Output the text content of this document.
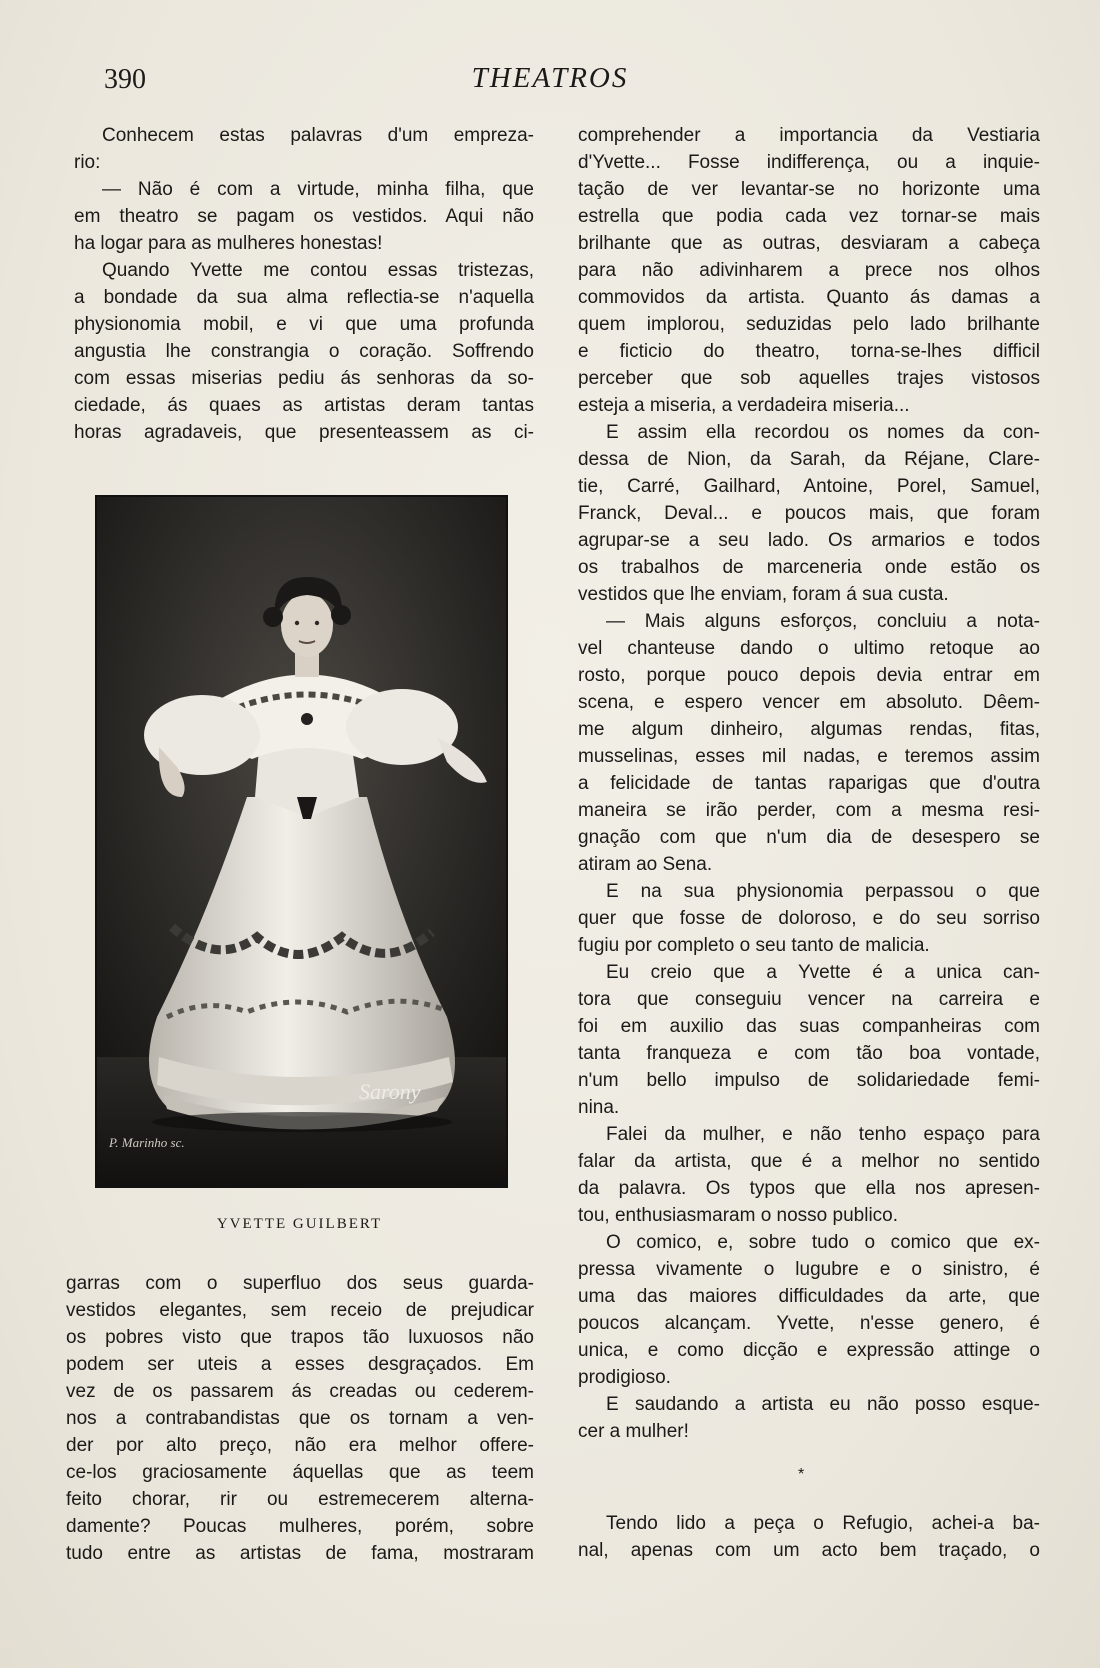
390	THEATROS

Conhecem estas palavras d'um empreza-

rio:

— Não é com a virtude, minha filha, que

em theatro se pagam os vestidos. Aqui não

ha logar para as mulheres honestas!

Quando Yvette me contou essas tristezas,

a bondade da sua alma reflectia-se n'aquella

physionomia mobil, e vi que uma profunda

angustia lhe constrangia o coração. Soffrendo

com essas miserias pediu ás senhoras da so-

ciedade, ás quaes as artistas deram tantas

horas agradaveis, que presenteassem as ci-

Sarony
P. Marinho sc.
YVETTE GUILBERT

garras com o superfluo dos seus guarda-

vestidos elegantes, sem receio de prejudicar

os pobres visto que trapos tão luxuosos não

podem ser uteis a esses desgraçados. Em

vez de os passarem ás creadas ou cederem-

nos a contrabandistas que os tornam a ven-

der por alto preço, não era melhor offere-

ce-los graciosamente áquellas que as teem

feito chorar, rir ou estremecerem alterna-

damente? Poucas mulheres, porém, sobre

tudo entre as artistas de fama, mostraram

comprehender a importancia da Vestiaria

d'Yvette... Fosse indifferença, ou a inquie-

tação de ver levantar-se no horizonte uma

estrella que podia cada vez tornar-se mais

brilhante que as outras, desviaram a cabeça

para não adivinharem a prece nos olhos

commovidos da artista. Quanto ás damas a

quem implorou, seduzidas pelo lado brilhante

e ficticio do theatro, torna-se-lhes difficil

perceber que sob aquelles trajes vistosos

esteja a miseria, a verdadeira miseria...

E assim ella recordou os nomes da con-

dessa de Nion, da Sarah, da Réjane, Clare-

tie, Carré, Gailhard, Antoine, Porel, Samuel,

Franck, Deval... e poucos mais, que foram

agrupar-se a seu lado. Os armarios e todos

os trabalhos de marceneria onde estão os

vestidos que lhe enviam, foram á sua custa.

— Mais alguns esforços, concluiu a nota-

vel chanteuse dando o ultimo retoque ao

rosto, porque pouco depois devia entrar em

scena, e espero vencer em absoluto. Dêem-

me algum dinheiro, algumas rendas, fitas,

musselinas, esses mil nadas, e teremos assim

a felicidade de tantas raparigas que d'outra

maneira se irão perder, com a mesma resi-

gnação com que n'um dia de desespero se

atiram ao Sena.

E na sua physionomia perpassou o que

quer que fosse de doloroso, e do seu sorriso

fugiu por completo o seu tanto de malicia.

Eu creio que a Yvette é a unica can-

tora que conseguiu vencer na carreira e

foi em auxilio das suas companheiras com

tanta franqueza e com tão boa vontade,

n'um bello impulso de solidariedade femi-

nina.

Falei da mulher, e não tenho espaço para

falar da artista, que é a melhor no sentido

da palavra. Os typos que ella nos apresen-

tou, enthusiasmaram o nosso publico.

O comico, e, sobre tudo o comico que ex-

pressa vivamente o lugubre e o sinistro, é

uma das maiores difficuldades da arte, que

poucos alcançam. Yvette, n'esse genero, é

unica, e como dicção e expressão attinge o

prodigioso.

E saudando a artista eu não posso esque-

cer a mulher!

*

Tendo lido a peça o Refugio, achei-a ba-

nal, apenas com um acto bem traçado, o
